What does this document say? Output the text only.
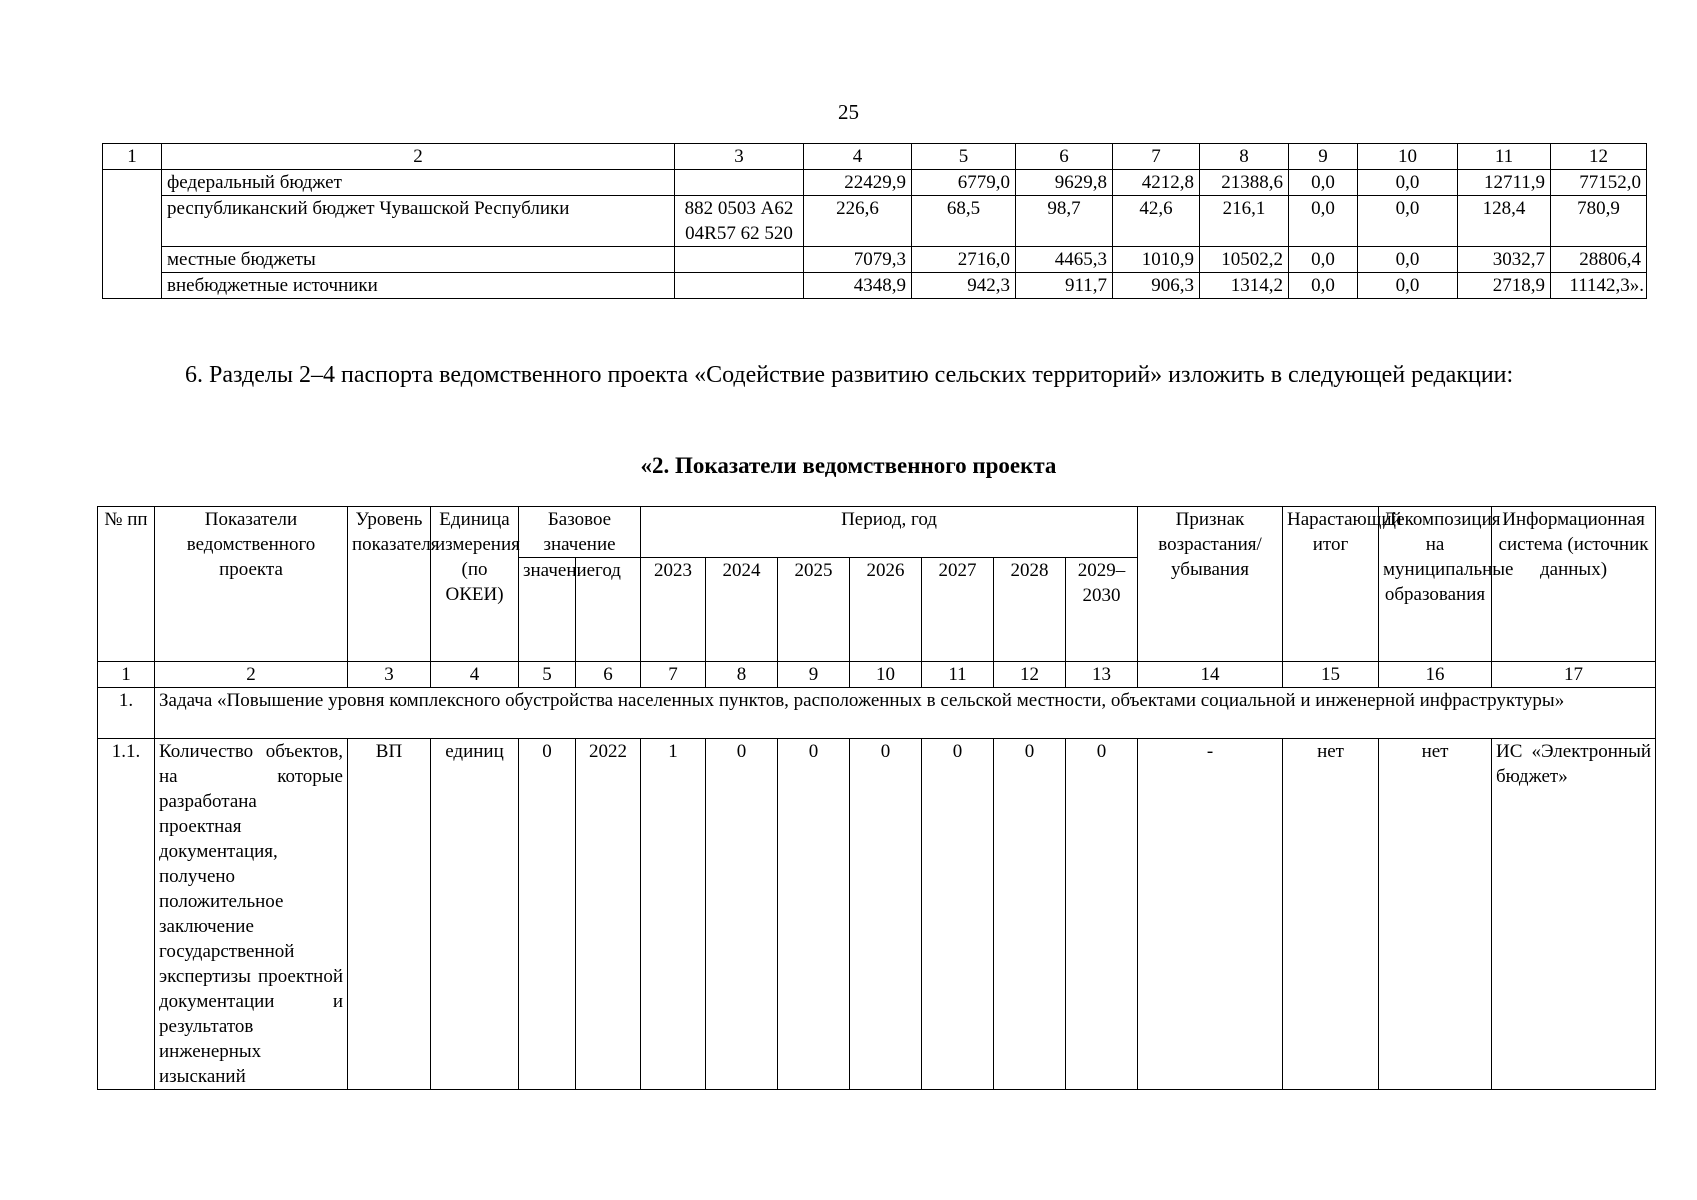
25
1	2	3	4	5	6	7	8	9	10	11	12
	федеральный бюджет		22429,9	6779,0	9629,8	4212,8	21388,6	0,0	0,0	12711,9	77152,0
	республиканский бюджет Чувашской Республики	882 0503 А6204R57 62 520	226,6	68,5	98,7	42,6	216,1	0,0	0,0	128,4	780,9
	местные бюджеты		7079,3	2716,0	4465,3	1010,9	10502,2	0,0	0,0	3032,7	28806,4
	внебюджетные источники		4348,9	942,3	911,7	906,3	1314,2	0,0	0,0	2718,9	11142,3».

6. Разделы 2–4 паспорта ведомственного проекта «Содействие развитию сельских территорий» изложить в следующей редакции:

«2. Показатели ведомственного проекта
№ пп	Показатели ведомственного проекта	Уровень показателя	Единица измерения (по ОКЕИ)	Базовое значение		Период, год							Признак возрастания/ убывания	Нарастающий итог	Декомпозиция на муниципальные образования	Информационная система (источник данных)
				значение	год	2023	2024	2025	2026	2027	2028	2029–2030				
1	2	3	4	5	6	7	8	9	10	11	12	13	14	15	16	17
1.	Задача «Повышение уровня комплексного обустройства населенных пунктов, расположенных в сельской местности, объектами социальной и инженерной инфраструктуры»															
1.1.	Количество объектов, на которые разработана проектная документация, получено положительное заключение государственной экспертизы проектной документации и результатов инженерных изысканий	ВП	единиц	0	2022	1	0	0	0	0	0	0	-	нет	нет	ИС «Электронный бюджет»
